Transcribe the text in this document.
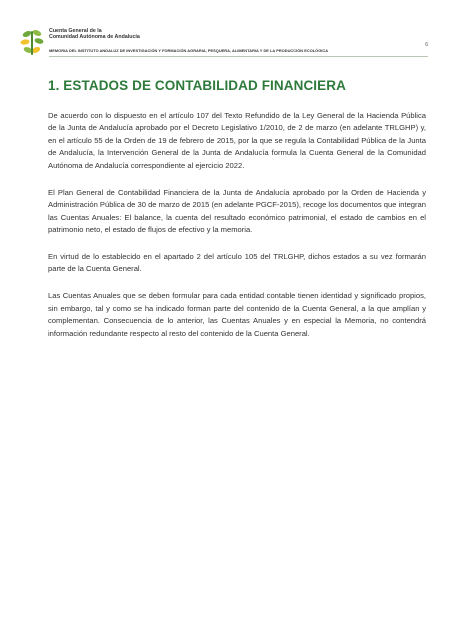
Cuenta General de la
Comunidad Autónoma de Andalucía
MEMORIA DEL INSTITUTO ANDALUZ DE INVESTIGACIÓN Y FORMACIÓN AGRARIA, PESQUERA, ALIMENTARIA Y DE LA PRODUCCIÓN ECOLÓGICA
6
1. ESTADOS DE CONTABILIDAD FINANCIERA

De acuerdo con lo dispuesto en el artículo 107 del Texto Refundido de la Ley General de la Hacienda Pública de la Junta de Andalucía aprobado por el Decreto Legislativo 1/2010, de 2 de marzo (en adelante TRLGHP) y, en el artículo 55 de la Orden de 19 de febrero de 2015, por la que se regula la Contabilidad Pública de la Junta de Andalucía, la Intervención General de la Junta de Andalucía formula la Cuenta General de la Comunidad Autónoma de Andalucía correspondiente al ejercicio 2022.

El Plan General de Contabilidad Financiera de la Junta de Andalucía aprobado por la Orden de Hacienda y Administración Pública de 30 de marzo de 2015 (en adelante PGCF-2015), recoge los documentos que integran las Cuentas Anuales: El balance, la cuenta del resultado económico patrimonial, el estado de cambios en el patrimonio neto, el estado de flujos de efectivo y la memoria.

En virtud de lo establecido en el apartado 2 del artículo 105 del TRLGHP, dichos estados a su vez formarán parte de la Cuenta General.

Las Cuentas Anuales que se deben formular para cada entidad contable tienen identidad y significado propios, sin embargo, tal y como se ha indicado forman parte del contenido de la Cuenta General, a la que amplían y complementan. Consecuencia de lo anterior, las Cuentas Anuales y en especial la Memoria, no contendrá información redundante respecto al resto del contenido de la Cuenta General.
